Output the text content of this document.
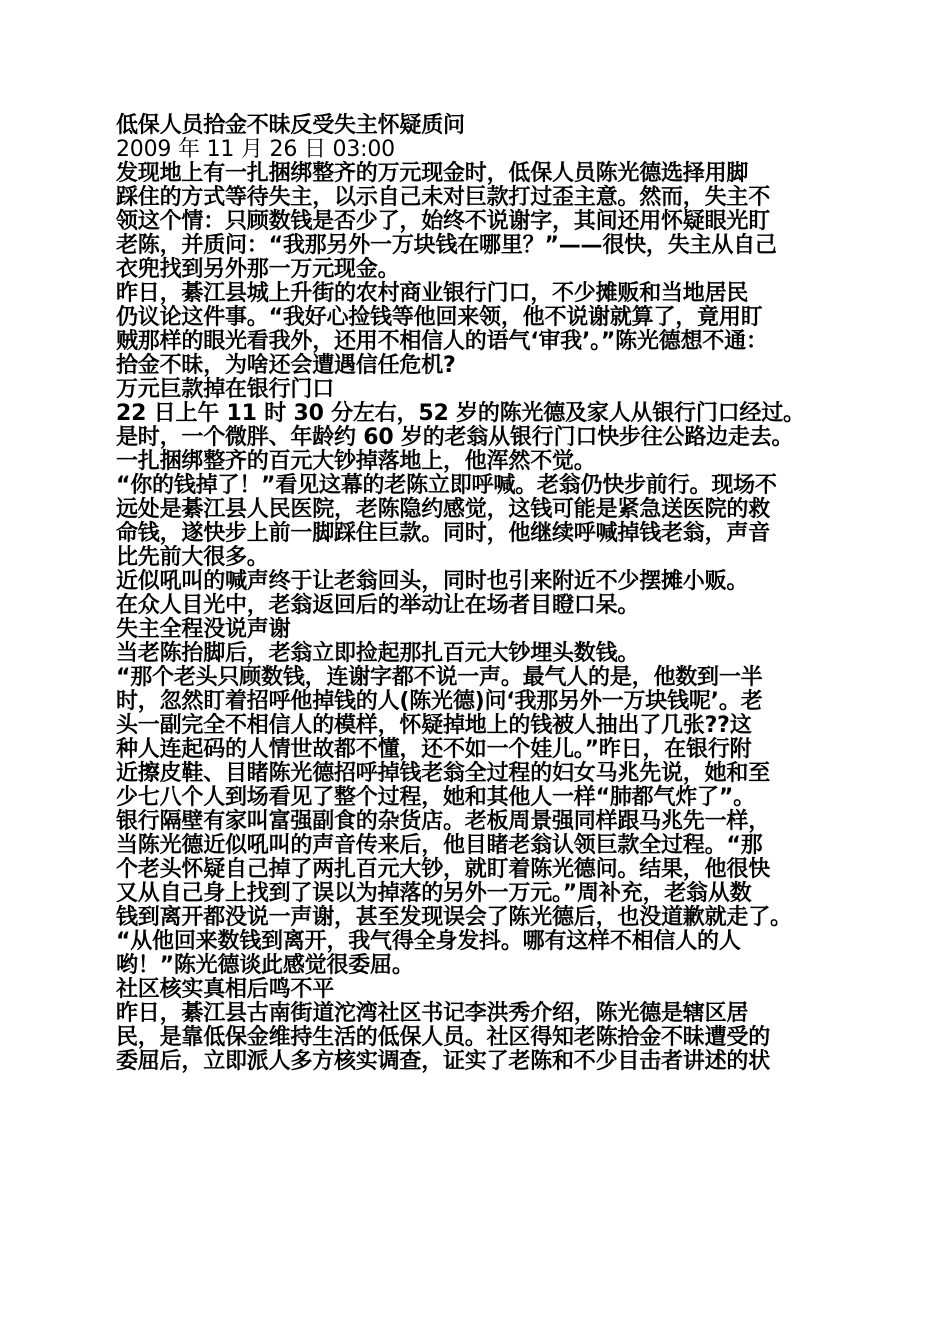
低保人员拾金不昧反受失主怀疑质问

2009 年 11 月 26 日 03:00

发现地上有一扎捆绑整齐的万元现金时，低保人员陈光德选择用脚

踩住的方式等待失主，以示自己未对巨款打过歪主意。然而，失主不

领这个情：只顾数钱是否少了，始终不说谢字，其间还用怀疑眼光盯

老陈，并质问：“我那另外一万块钱在哪里？”——很快，失主从自己

衣兜找到另外那一万元现金。

昨日，綦江县城上升街的农村商业银行门口，不少摊贩和当地居民

仍议论这件事。“我好心捡钱等他回来领，他不说谢就算了，竟用盯

贼那样的眼光看我外，还用不相信人的语气‘审我’。”陈光德想不通：

拾金不昧，为啥还会遭遇信任危机?

万元巨款掉在银行门口

22 日上午 11 时 30 分左右，52 岁的陈光德及家人从银行门口经过。

是时，一个微胖、年龄约 60 岁的老翁从银行门口快步往公路边走去。

一扎捆绑整齐的百元大钞掉落地上，他浑然不觉。

“你的钱掉了！”看见这幕的老陈立即呼喊。老翁仍快步前行。现场不

远处是綦江县人民医院，老陈隐约感觉，这钱可能是紧急送医院的救

命钱，遂快步上前一脚踩住巨款。同时，他继续呼喊掉钱老翁，声音

比先前大很多。

近似吼叫的喊声终于让老翁回头，同时也引来附近不少摆摊小贩。

在众人目光中，老翁返回后的举动让在场者目瞪口呆。

失主全程没说声谢

当老陈抬脚后，老翁立即捡起那扎百元大钞埋头数钱。

“那个老头只顾数钱，连谢字都不说一声。最气人的是，他数到一半

时，忽然盯着招呼他掉钱的人(陈光德)问‘我那另外一万块钱呢’。老

头一副完全不相信人的模样，怀疑掉地上的钱被人抽出了几张??这

种人连起码的人情世故都不懂，还不如一个娃儿。”昨日，在银行附

近擦皮鞋、目睹陈光德招呼掉钱老翁全过程的妇女马兆先说，她和至

少七八个人到场看见了整个过程，她和其他人一样“肺都气炸了”。

银行隔壁有家叫富强副食的杂货店。老板周景强同样跟马兆先一样，

当陈光德近似吼叫的声音传来后，他目睹老翁认领巨款全过程。“那

个老头怀疑自己掉了两扎百元大钞，就盯着陈光德问。结果，他很快

又从自己身上找到了误以为掉落的另外一万元。”周补充，老翁从数

钱到离开都没说一声谢，甚至发现误会了陈光德后，也没道歉就走了。

“从他回来数钱到离开，我气得全身发抖。哪有这样不相信人的人

哟！”陈光德谈此感觉很委屈。

社区核实真相后鸣不平

昨日，綦江县古南街道沱湾社区书记李洪秀介绍，陈光德是辖区居

民，是靠低保金维持生活的低保人员。社区得知老陈拾金不昧遭受的

委屈后，立即派人多方核实调查，证实了老陈和不少目击者讲述的状
